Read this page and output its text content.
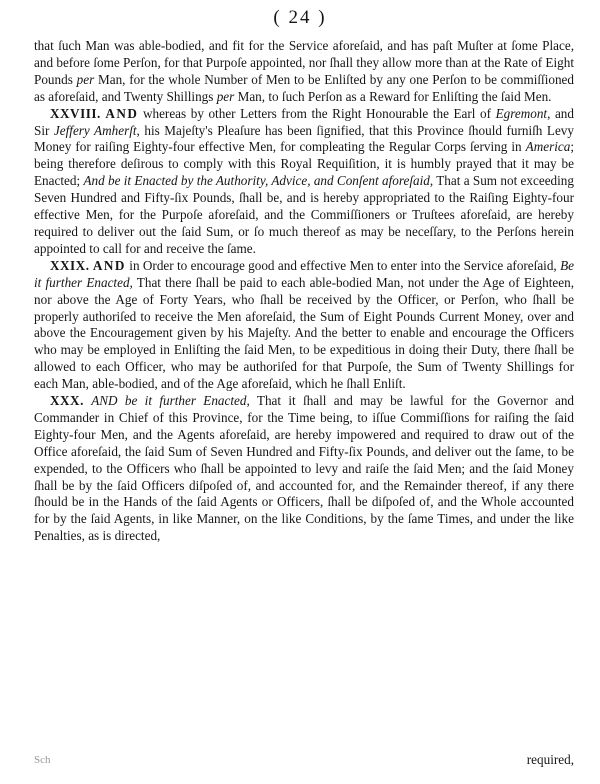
( 24 )

that ſuch Man was able-bodied, and fit for the Service aforeſaid, and has paſt Muſter at ſome Place, and before ſome Perſon, for that Purpoſe appointed, nor ſhall they allow more than at the Rate of Eight Pounds per Man, for the whole Number of Men to be Enliſted by any one Perſon to be commiſſioned as aforeſaid, and Twenty Shillings per Man, to ſuch Perſon as a Reward for Enliſting the ſaid Men.

XXVIII. AND whereas by other Letters from the Right Honourable the Earl of Egremont, and Sir Jeffery Amherſt, his Majeſty's Pleaſure has been ſignified, that this Province ſhould furniſh Levy Money for raiſing Eighty-four effective Men, for compleating the Regular Corps ſerving in America; being therefore deſirous to comply with this Royal Requiſition, it is humbly prayed that it may be Enacted; And be it Enacted by the Authority, Advice, and Conſent aforeſaid, That a Sum not exceeding Seven Hundred and Fifty-ſix Pounds, ſhall be, and is hereby appropriated to the Raiſing Eighty-four effective Men, for the Purpoſe aforeſaid, and the Commiſſioners or Truſtees aforeſaid, are hereby required to deliver out the ſaid Sum, or ſo much thereof as may be neceſſary, to the Perſons herein appointed to call for and receive the ſame.

XXIX. AND in Order to encourage good and effective Men to enter into the Service aforeſaid, Be it further Enacted, That there ſhall be paid to each able-bodied Man, not under the Age of Eighteen, nor above the Age of Forty Years, who ſhall be received by the Officer, or Perſon, who ſhall be properly authoriſed to receive the Men aforeſaid, the Sum of Eight Pounds Current Money, over and above the Encouragement given by his Majeſty. And the better to enable and encourage the Officers who may be employed in Enliſting the ſaid Men, to be expeditious in doing their Duty, there ſhall be allowed to each Officer, who may be authoriſed for that Purpoſe, the Sum of Twenty Shillings for each Man, able-bodied, and of the Age aforeſaid, which he ſhall Enliſt.

XXX. AND be it further Enacted, That it ſhall and may be lawful for the Governor and Commander in Chief of this Province, for the Time being, to iſſue Commiſſions for raiſing the ſaid Eighty-four Men, and the Agents aforeſaid, are hereby impowered and required to draw out of the Office aforeſaid, the ſaid Sum of Seven Hundred and Fifty-ſix Pounds, and deliver out the ſame, to be expended, to the Officers who ſhall be appointed to levy and raiſe the ſaid Men; and the ſaid Money ſhall be by the ſaid Officers diſpoſed of, and accounted for, and the Remainder thereof, if any there ſhould be in the Hands of the ſaid Agents or Officers, ſhall be diſpoſed of, and the Whole accounted for by the ſaid Agents, in like Manner, on the like Conditions, by the ſame Times, and under the like Penalties, as is directed,

Sch	required,
